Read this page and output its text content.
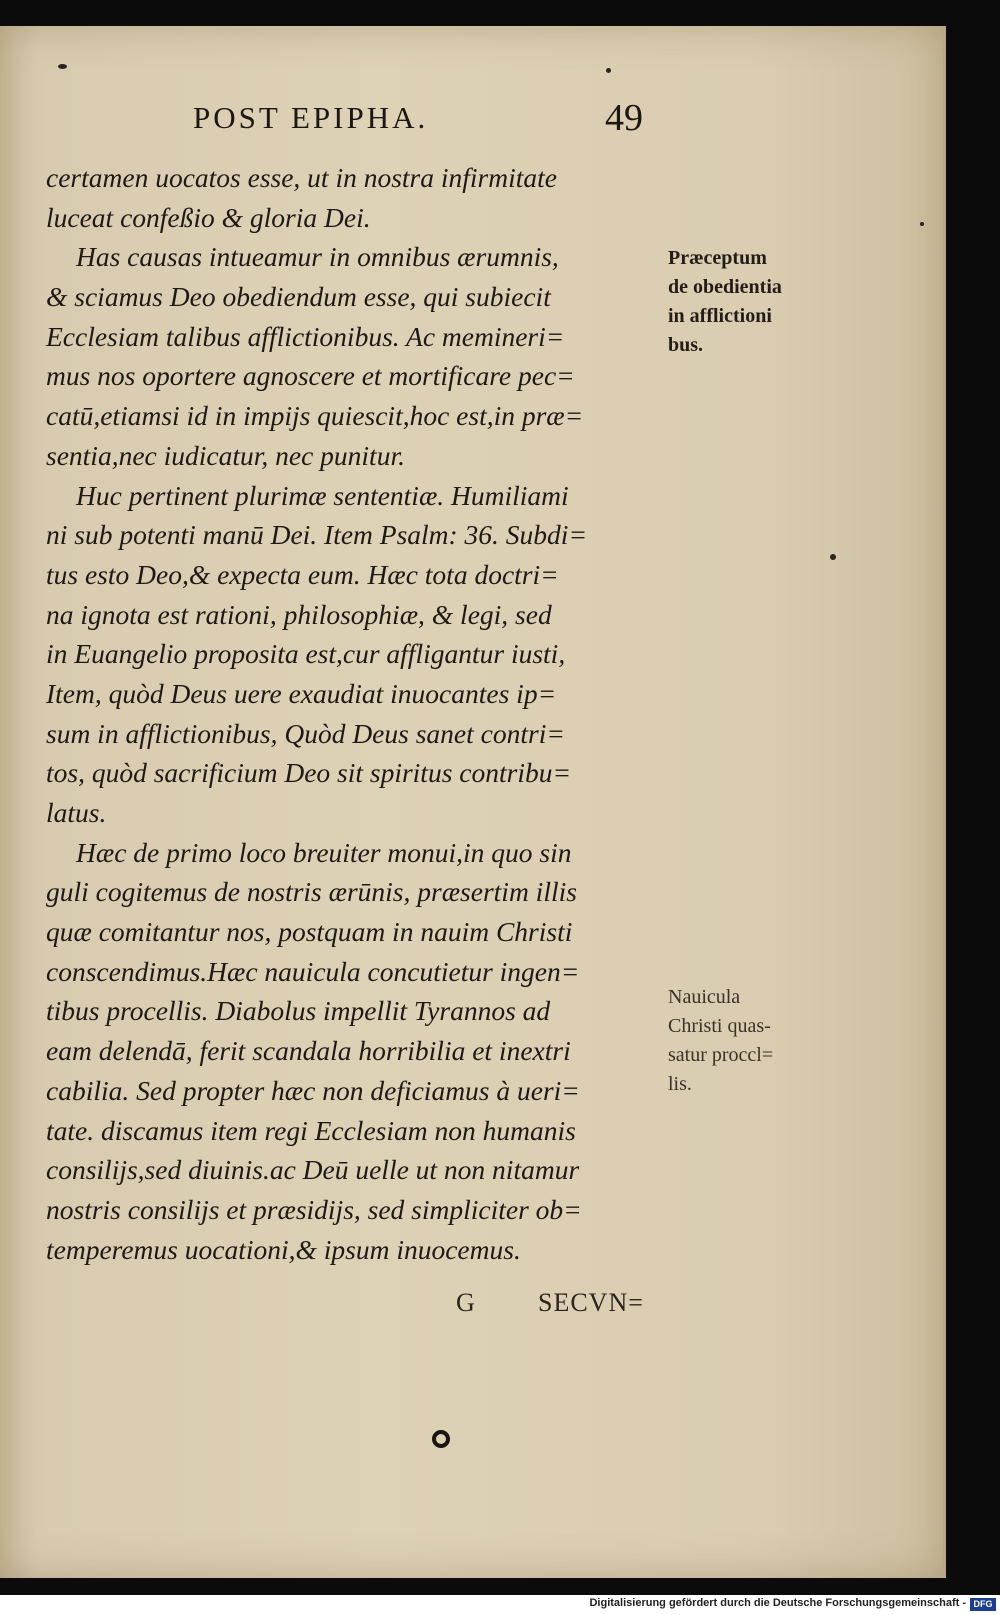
POST EPIPHA.	49
certamen uocatos esse, ut in nostra infirmitate
luceat confeßio & gloria Dei.
Has causas intueamur in omnibus ærumnis,
& sciamus Deo obediendum esse, qui subiecit
Ecclesiam talibus afflictionibus. Ac memineri=
mus nos oportere agnoscere et mortificare pec=
catū,etiamsi id in impijs quiescit,hoc est,in præ=
sentia,nec iudicatur, nec punitur.
Huc pertinent plurimæ sententiæ. Humiliami
ni sub potenti manū Dei. Item Psalm: 36. Subdi=
tus esto Deo,& expecta eum. Hæc tota doctri=
na ignota est rationi, philosophiæ, & legi, sed
in Euangelio proposita est,cur affligantur iusti,
Item, quòd Deus uere exaudiat inuocantes ip=
sum in afflictionibus, Quòd Deus sanet contri=
tos, quòd sacrificium Deo sit spiritus contribu=
latus.
Hæc de primo loco breuiter monui,in quo sin
guli cogitemus de nostris ærūnis, præsertim illis
quæ comitantur nos, postquam in nauim Christi
conscendimus.Hæc nauicula concutietur ingen=
tibus procellis. Diabolus impellit Tyrannos ad
eam delendā, ferit scandala horribilia et inextri
cabilia. Sed propter hæc non deficiamus à ueri=
tate. discamus item regi Ecclesiam non humanis
consilijs,sed diuinis.ac Deū uelle ut non nitamur
nostris consilijs et præsidijs, sed simpliciter ob=
temperemus uocationi,& ipsum inuocemus.
G SECVN=
Præceptum
de obedientia
in afflictioni
bus.
Nauicula
Christi quas-
satur proccl=
lis.
Digitalisierung gefördert durch die Deutsche Forschungsgemeinschaft - DFG
